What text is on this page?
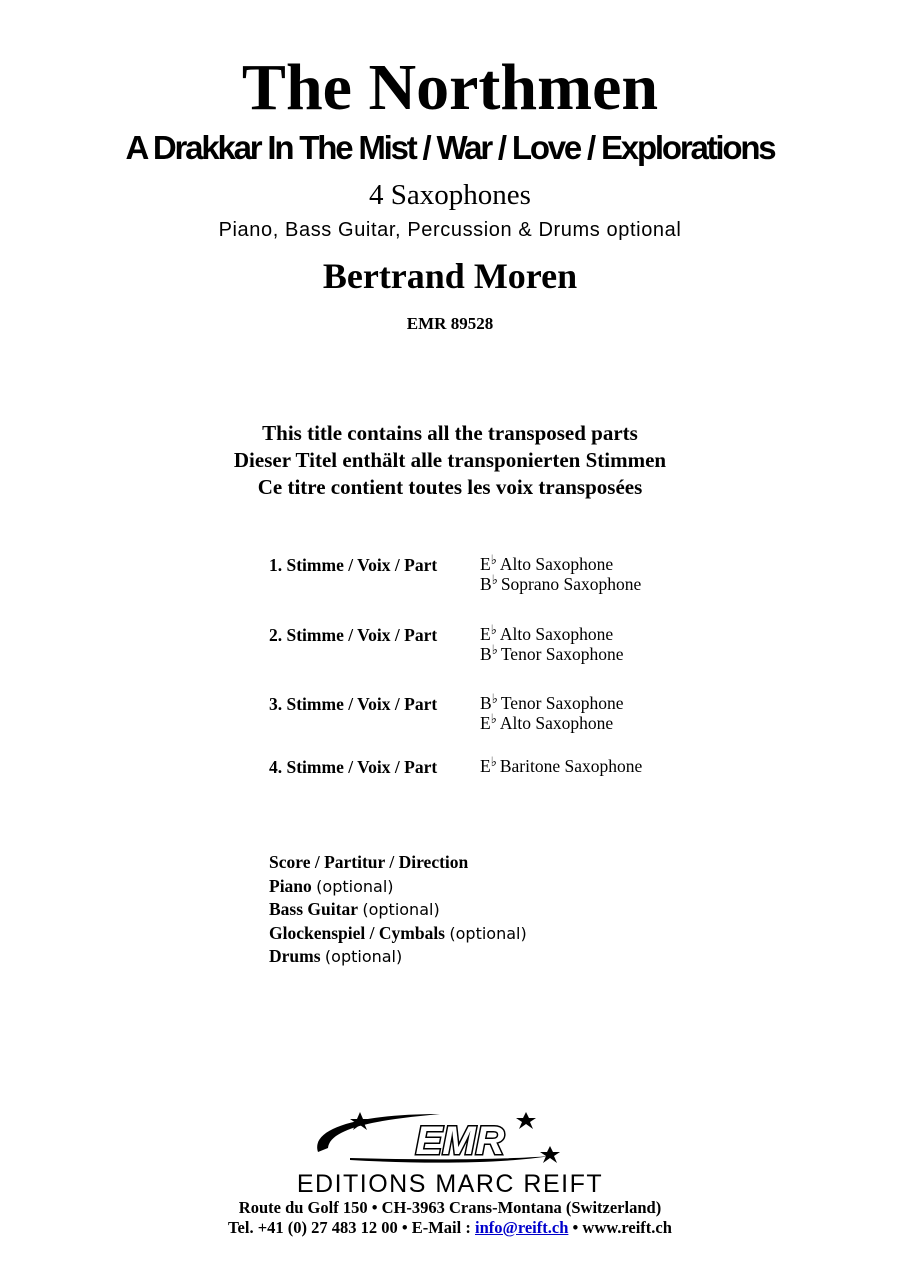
The Northmen
A Drakkar In The Mist / War / Love / Explorations
4 Saxophones
Piano, Bass Guitar, Percussion & Drums optional
Bertrand Moren
EMR 89528
This title contains all the transposed parts
Dieser Titel enthält alle transponierten Stimmen
Ce titre contient toutes les voix transposées
1. Stimme / Voix / Part E♭ Alto Saxophone
B♭ Soprano Saxophone
2. Stimme / Voix / Part E♭ Alto Saxophone
B♭ Tenor Saxophone
3. Stimme / Voix / Part B♭ Tenor Saxophone
E♭ Alto Saxophone
4. Stimme / Voix / Part E♭ Baritone Saxophone
Score / Partitur / Direction
Piano (optional)
Bass Guitar (optional)
Glockenspiel / Cymbals (optional)
Drums (optional)
EMR
EDITIONS MARC REIFT
Route du Golf 150 • CH-3963 Crans-Montana (Switzerland)
Tel. +41 (0) 27 483 12 00 • E-Mail : info@reift.ch • www.reift.ch
